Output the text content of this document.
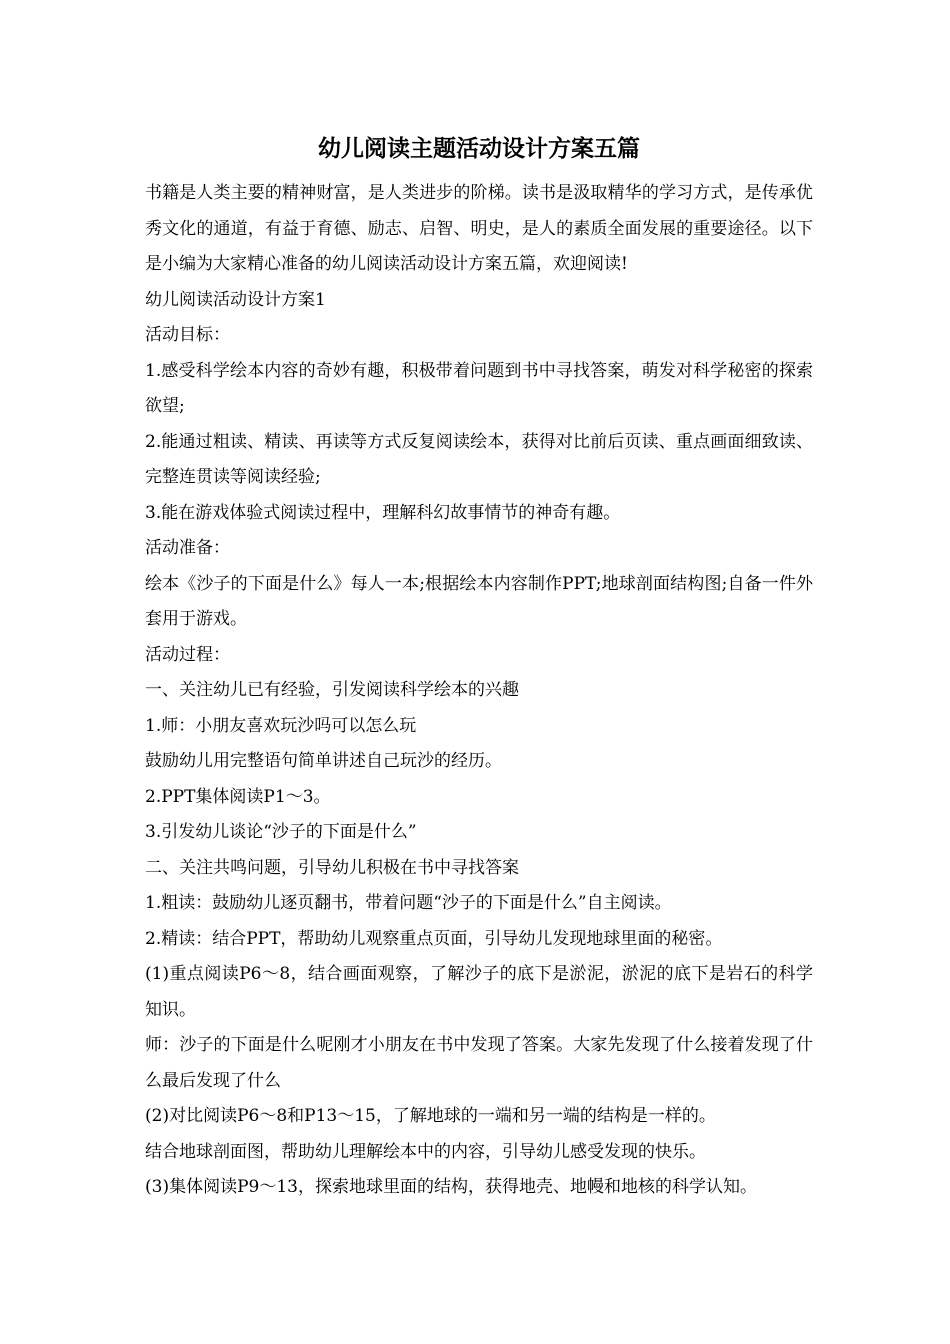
幼儿阅读主题活动设计方案五篇

书籍是人类主要的精神财富，是人类进步的阶梯。读书是汲取精华的学习方式，是传承优秀文化的通道，有益于育德、励志、启智、明史，是人的素质全面发展的重要途径。以下是小编为大家精心准备的幼儿阅读活动设计方案五篇，欢迎阅读!

幼儿阅读活动设计方案1

活动目标：

1.感受科学绘本内容的奇妙有趣，积极带着问题到书中寻找答案，萌发对科学秘密的探索欲望;

2.能通过粗读、精读、再读等方式反复阅读绘本，获得对比前后页读、重点画面细致读、完整连贯读等阅读经验;

3.能在游戏体验式阅读过程中，理解科幻故事情节的神奇有趣。

活动准备：

绘本《沙子的下面是什么》每人一本;根据绘本内容制作PPT;地球剖面结构图;自备一件外套用于游戏。

活动过程：

一、关注幼儿已有经验，引发阅读科学绘本的兴趣

1.师：小朋友喜欢玩沙吗可以怎么玩

鼓励幼儿用完整语句简单讲述自己玩沙的经历。

2.PPT集体阅读P1～3。

3.引发幼儿谈论“沙子的下面是什么”

二、关注共鸣问题，引导幼儿积极在书中寻找答案

1.粗读：鼓励幼儿逐页翻书，带着问题“沙子的下面是什么”自主阅读。

2.精读：结合PPT，帮助幼儿观察重点页面，引导幼儿发现地球里面的秘密。

(1)重点阅读P6～8，结合画面观察，了解沙子的底下是淤泥，淤泥的底下是岩石的科学知识。

师：沙子的下面是什么呢刚才小朋友在书中发现了答案。大家先发现了什么接着发现了什么最后发现了什么

(2)对比阅读P6～8和P13～15，了解地球的一端和另一端的结构是一样的。

结合地球剖面图，帮助幼儿理解绘本中的内容，引导幼儿感受发现的快乐。

(3)集体阅读P9～13，探索地球里面的结构，获得地壳、地幔和地核的科学认知。
